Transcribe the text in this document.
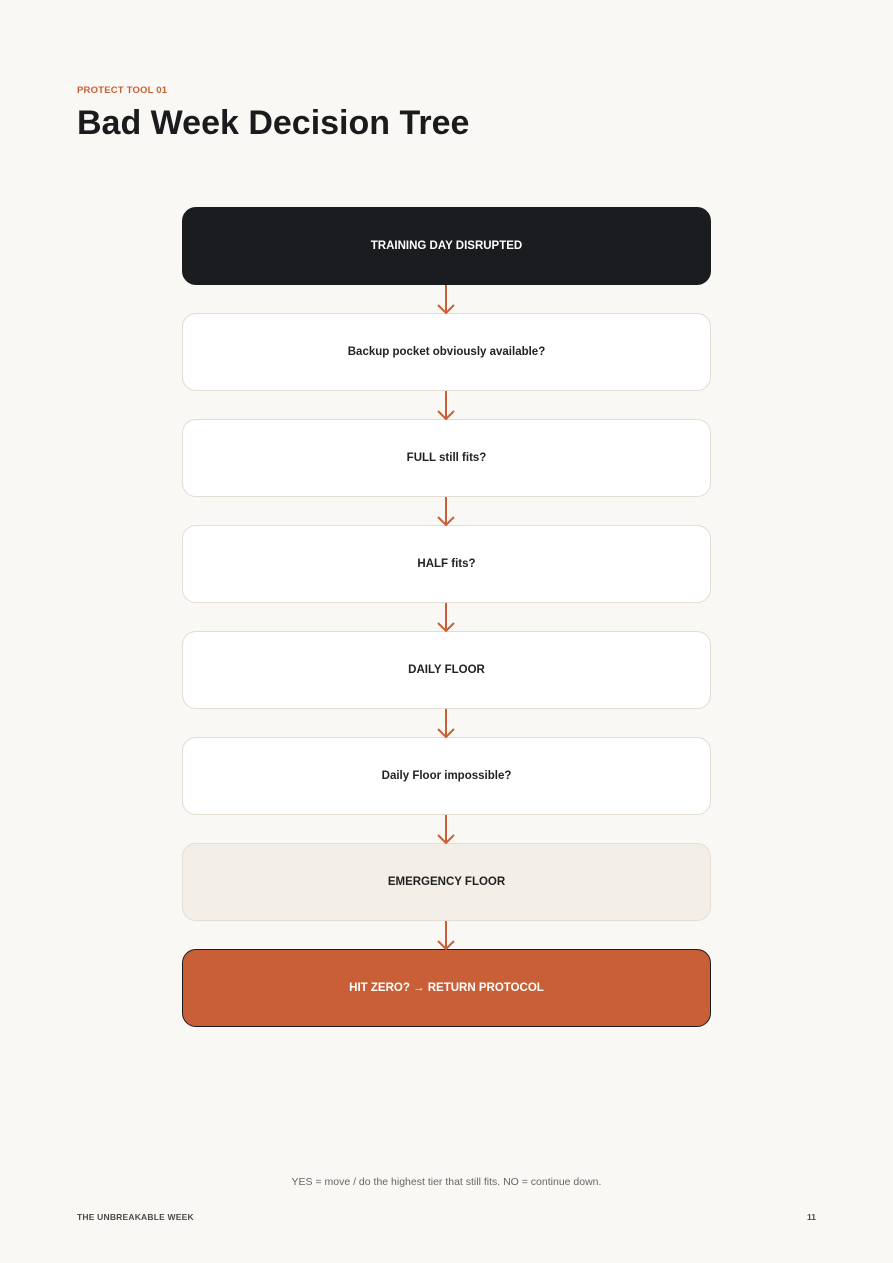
PROTECT TOOL 01
Bad Week Decision Tree
TRAINING DAY DISRUPTED
Backup pocket obviously available?
FULL still fits?
HALF fits?
DAILY FLOOR
Daily Floor impossible?
EMERGENCY FLOOR
HIT ZERO? → RETURN PROTOCOL
YES = move / do the highest tier that still fits. NO = continue down.
THE UNBREAKABLE WEEK	11
